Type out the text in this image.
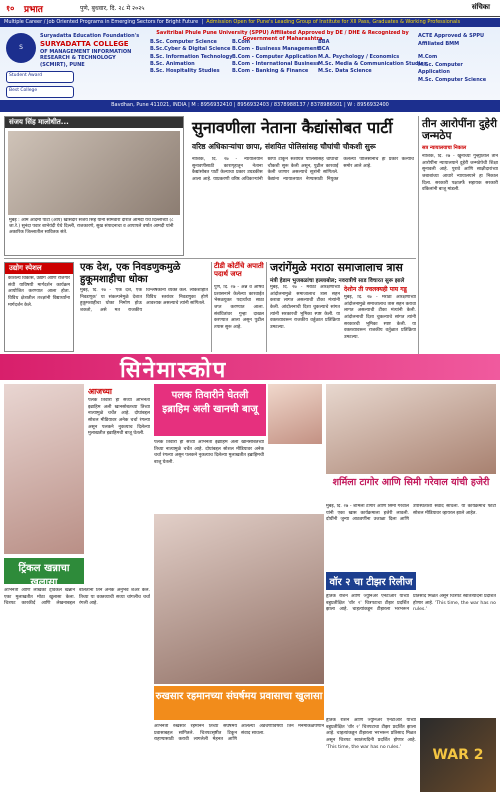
१० प्रभात	पुणे, बुधवार, दि. २८ मे २०२५	संचिका
Multiple Career / Job Oriented Programs in Emerging Sectors for Bright Future  |  Admission Open for Pune's Leading Group of Institute for XII Pass, Graduates & Working Professionals
S
Suryadatta Education Foundation's
SURYADATTA COLLEGE
OF MANAGEMENT INFORMATION RESEARCH & TECHNOLOGY (SCMIRT), PUNE
Student Award
Best College
Savitribai Phule Pune University (SPPU) Affiliated Approved by DE / DHE & Recognized by Government of Maharashtra
B.Sc. Computer Science
B.Sc.Cyber & Digital Science
B.Sc. Information Technology
B.Sc. Animation
B.Sc. Hospitality Studies
B.Com
B.Com - Business Management
B.Com - Computer Application
B.Com - International Business
B.Com - Banking & Finance
BBA
BCA
M.A. Psychology / Economics
M.Sc. Media & Communication Studies
M.Sc. Data Science
ACTE Approved & SPPU Affiliated BMM
M.Com
M.Sc. Computer Application
M.Sc. Computer Science
Bavdhan, Pune 411021, INDIA | M : 8956932410 | 8956932403 / 8378988137 / 8378986501 | W : 8956932400
संजय सिंह मालोधीत...
मुंबई : आम आदमी पार्टी (आप) खासदार संजय सिंह यांनी सोमवारी दौरात आमदी येथे दिल्लीच्या (८ जा.रे.) सुनंदा पवार बाभेयंदी येथे दिल्ली, राजकारणे, सुख संपादनाचा व आपापले वर्षात आमदी यांनी अकारिक जिल्लातील सावितक संते.
सुनावणीला नेताना कैद्यांसोबत पार्टी
वरिष्ठ अधिकाऱ्यांचा छापा, संशयित पोलिसांसह चौघांची चौकशी सुरू
नाशिक, दि. २७ - न्यायालयीन सुनावणीसाठी कारागृहातून नेताना कैद्यांसोबत पार्टी केल्याचा प्रकार उघडकीस आला आहे. याप्रकरणी वरिष्ठ अधिकाऱ्यांनी छापा टाकून संशयित पोलिसांसह चौघांची चौकशी सुरू केली असून, पुढील कारवाई केली जाणार असल्याचे सूत्रांनी सांगितले. कैद्यांना न्यायालयात नेण्यासाठी नियुक्त केलेल्या पोलिसांनीच हा प्रकार केल्याचे समोर आले आहे.
तीन आरोपींना दुहेरी जन्मठेप
सत्र न्यायालयाचा निकाल
नाशिक, दि. २७ - खुनाच्या गुन्ह्यातील तीन आरोपींना न्यायालयाने दुहेरी जन्मठेपेची शिक्षा सुनावली आहे. पुरावे आणि साक्षीदारांच्या जबाबांच्या आधारे न्यायालयाने हा निकाल दिला. सरकारी पक्षातर्फे सहायक सरकारी वकिलांनी बाजू मांडली.
उद्योग स्पेशल
कौशल्य विकास, उद्योग आणि रोजगार संधी याविषयी मार्गदर्शन कार्यक्रम आयोजित करण्यात आला होता. विविध क्षेत्रातील तज्ज्ञांनी विद्यार्थ्यांना मार्गदर्शन केले.
एक देश, एक निवडणुकमुळे हुकूमशाहीचा धोका
मुंबई, दि. २७ - 'एक देश, एक निवडणूक' या संकल्पनेमुळे देशात हुकूमशाहीचा धोका निर्माण होऊ शकतो, असे मत राजकीय विश्लेषकांनी व्यक्त केले. लोकशाहीत विविध स्तरांवर निवडणुका होणे आवश्यक असल्याचे त्यांनी सांगितले.
टीडी कोर्टीचे अपाती पदार्थ जप्त
पुणे, दि. २७ - अन्न व औषध प्रशासनाने केलेल्या कारवाईत भेसळयुक्त पदार्थांचा साठा जप्त करण्यात आला. संबंधितांवर गुन्हा दाखल करण्यात आला असून पुढील तपास सुरू आहे.
जरांगेंमुळे मराठा समाजालाच त्रास
मंत्री हेडाम भुजबळांचा हल्लाबोल; नवरात्रीचे साड विचारत सुरू झाले
मुंबई, दि. २७ - मराठा आरक्षणाच्या आंदोलनामुळे समाजालाच त्रास सहन करावा लागत असल्याची टीका मंत्र्यांनी केली. आंदोलनाची दिशा चुकल्याचे सांगत त्यांनी सरकारची भूमिका स्पष्ट केली. या वक्तव्यावरून राजकीय वर्तुळात प्रतिक्रिया उमटल्या.
देशोन ती ज्वलक्यही पाय गडू
मुंबई, दि. २७ - मराठा आरक्षणाच्या आंदोलनामुळे समाजालाच त्रास सहन करावा लागत असल्याची टीका मंत्र्यांनी केली. आंदोलनाची दिशा चुकल्याचे सांगत त्यांनी सरकारची भूमिका स्पष्ट केली. या वक्तव्यावरून राजकीय वर्तुळात प्रतिक्रिया उमटल्या.
सिनेमास्कोप
आजच्या
पलक तिवारी ही सध्या अभिनेता इब्राहिम अली खानसोबतच्या तिच्या नात्यामुळे चर्चेत आहे. दोघांबद्दल सोशल मीडियावर अनेक चर्चा रंगल्या असून पलकने नुकत्याच दिलेल्या मुलाखतीत इब्राहिमची बाजू घेतली.
पलक तिवारीने घेतली इब्राहिम अली खानची बाजू
पलक तिवारी ही सध्या अभिनेता इब्राहिम अली खानसोबतच्या तिच्या नात्यामुळे चर्चेत आहे. दोघांबद्दल सोशल मीडियावर अनेक चर्चा रंगल्या असून पलकने नुकत्याच दिलेल्या मुलाखतीत इब्राहिमची बाजू घेतली.
शर्मिला टागोर आणि सिमी गरेवाल यांची हजेरी
मुंबई, दि. २७ - शर्मिला टागोर आणि सिमी गरेवाल यांनी एका खास कार्यक्रमाला हजेरी लावली. दोघींनी जुन्या आठवणींना उजाळा दिला आणि उपस्थितांशी संवाद साधला. या कार्यक्रमाचे फोटो सोशल मीडियावर व्हायरल झाले आहेत.
ट्रिंकल खन्नाचा खुलासा
अभिनेत्री आणि लेखिका ट्विंकल खन्नाने एका मुलाखतीत मोठा खुलासा केला. चित्रपट कारकीर्द आणि लेखनाबद्दल बोलताना तिने अनेक अनुभव शेअर केले. तिच्या या वक्तव्याची सध्या चांगलीच चर्चा रंगली आहे.
रुखसार रहमानच्या संघर्षमय प्रवासाचा खुलासा
अभिनेत्री रुखसार रहमानने तिच्या संघर्षमय प्रवासाबद्दल सांगितले. चित्रपटसृष्टीत टिकून राहण्यासाठी करावी लागलेली मेहनत आणि आलेल्या अडचणींविषयी तिने मनमोकळेपणाने संवाद साधला.
वॉर २ चा टीझर रिलीज
हृतिक रोशन आणि ज्युनिअर एनटीआर यांच्या बहुप्रतीक्षित 'वॉर २' चित्रपटाचा टीझर प्रदर्शित झाला आहे. चाहत्यांकडून टीझरला भरभरून प्रतिसाद मिळत असून चित्रपट स्वातंत्र्यदिनी प्रदर्शित होणार आहे. 'This time, the war has no rules.'
WAR 2
हृतिक रोशन आणि ज्युनिअर एनटीआर यांच्या बहुप्रतीक्षित 'वॉर २' चित्रपटाचा टीझर प्रदर्शित झाला आहे. चाहत्यांकडून टीझरला भरभरून प्रतिसाद मिळत असून चित्रपट स्वातंत्र्यदिनी प्रदर्शित होणार आहे. 'This time, the war has no rules.'
